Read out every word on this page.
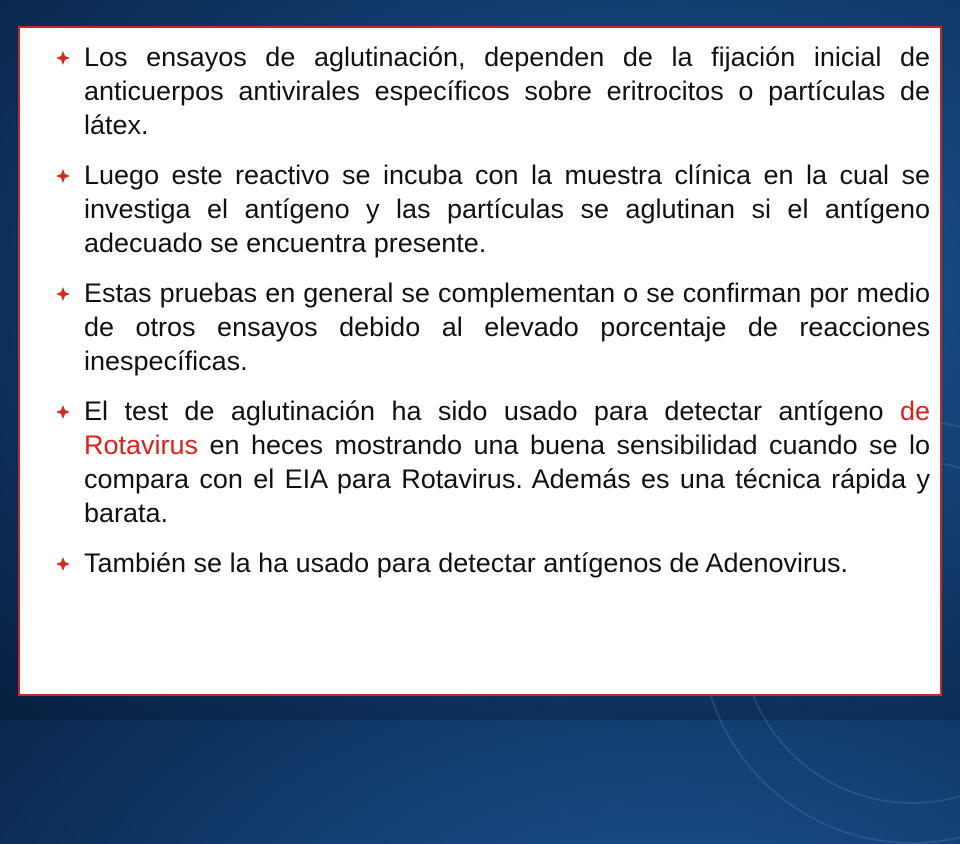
Los ensayos de aglutinación, dependen de la fijación inicial de anticuerpos antivirales específicos sobre eritrocitos o partículas de látex.
Luego este reactivo se incuba con la muestra clínica en la cual se investiga el antígeno y las partículas se aglutinan si el antígeno adecuado se encuentra presente.
Estas pruebas en general se complementan o se confirman por medio de otros ensayos debido al elevado porcentaje de reacciones inespecíficas.
El test de aglutinación ha sido usado para detectar antígeno de Rotavirus en heces mostrando una buena sensibilidad cuando se lo compara con el EIA para Rotavirus. Además es una técnica rápida y barata.
También se la ha usado para detectar antígenos de Adenovirus.
